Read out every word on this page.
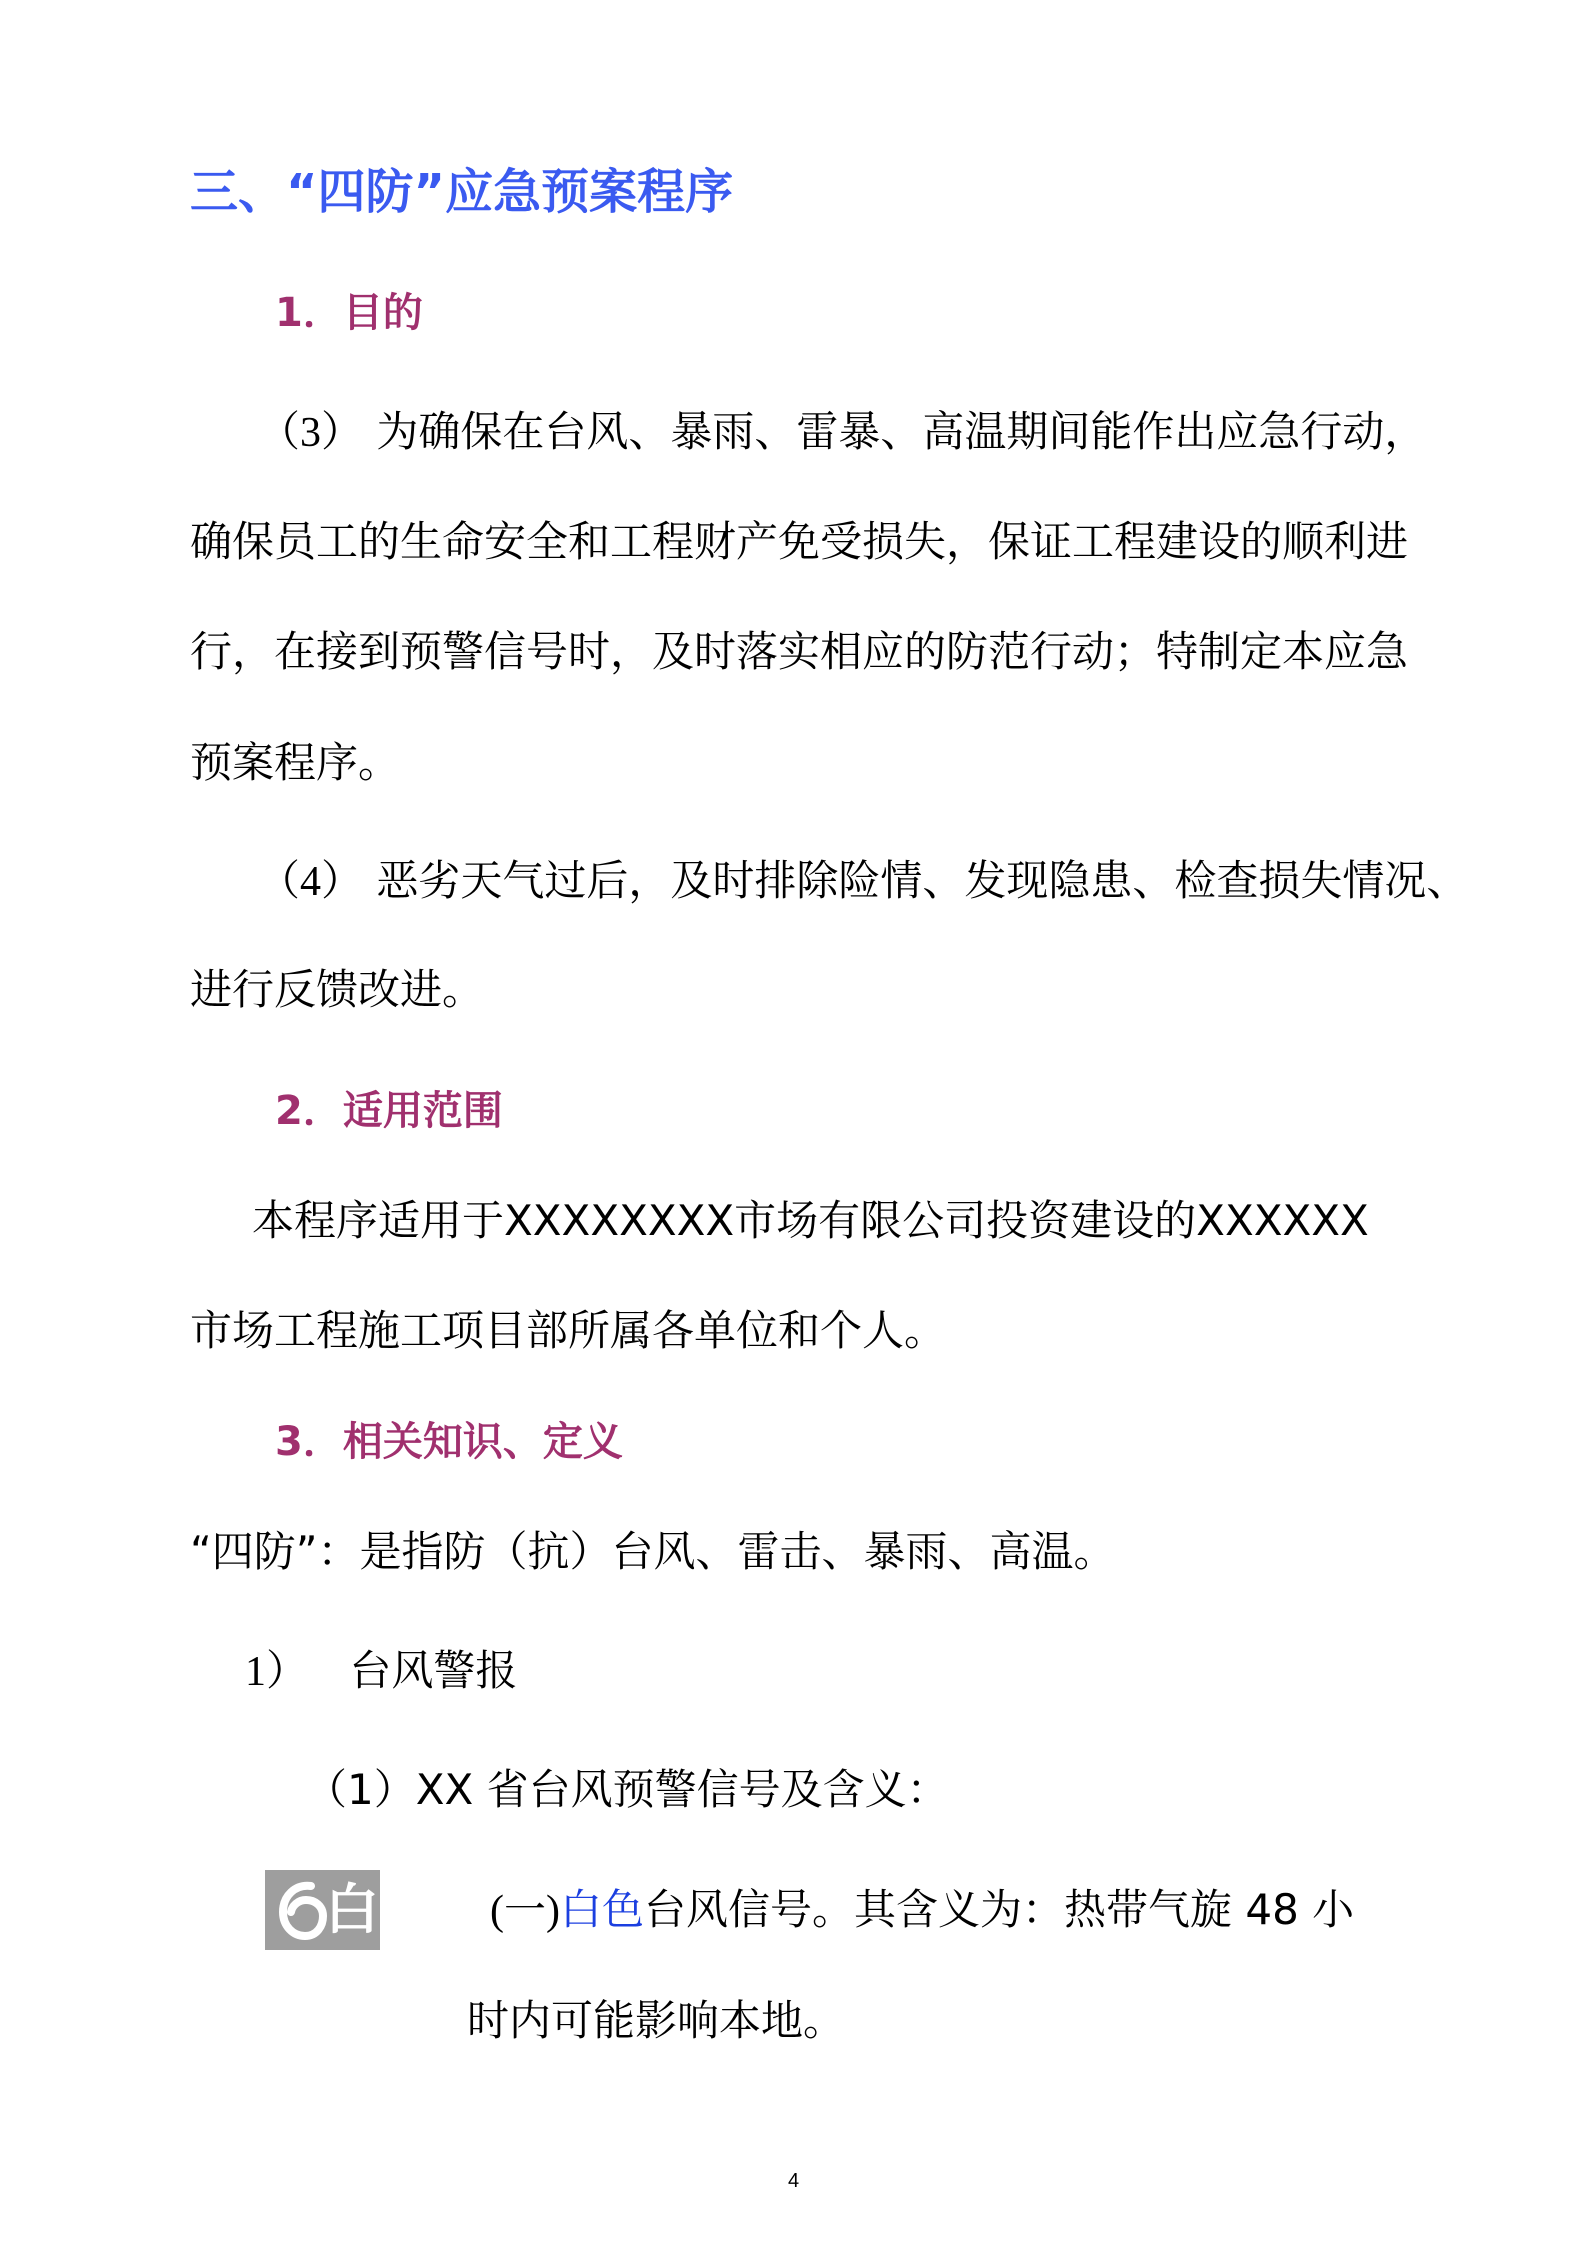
三、“四防”应急预案程序
1．目的
（3） 为确保在台风、暴雨、雷暴、高温期间能作出应急行动，
确保员工的生命安全和工程财产免受损失，保证工程建设的顺利进
行，在接到预警信号时，及时落实相应的防范行动；特制定本应急
预案程序。
（4） 恶劣天气过后，及时排除险情、发现隐患、检查损失情况、
进行反馈改进。
2．适用范围
本程序适用于XXXXXXXX市场有限公司投资建设的XXXXXX
市场工程施工项目部所属各单位和个人。
3．相关知识、定义
“四防”：是指防（抗）台风、雷击、暴雨、高温。
1） 台风警报
（1）XX 省台风预警信号及含义：
白	(一)白色台风信号。其含义为：热带气旋 48 小
时内可能影响本地。
4
